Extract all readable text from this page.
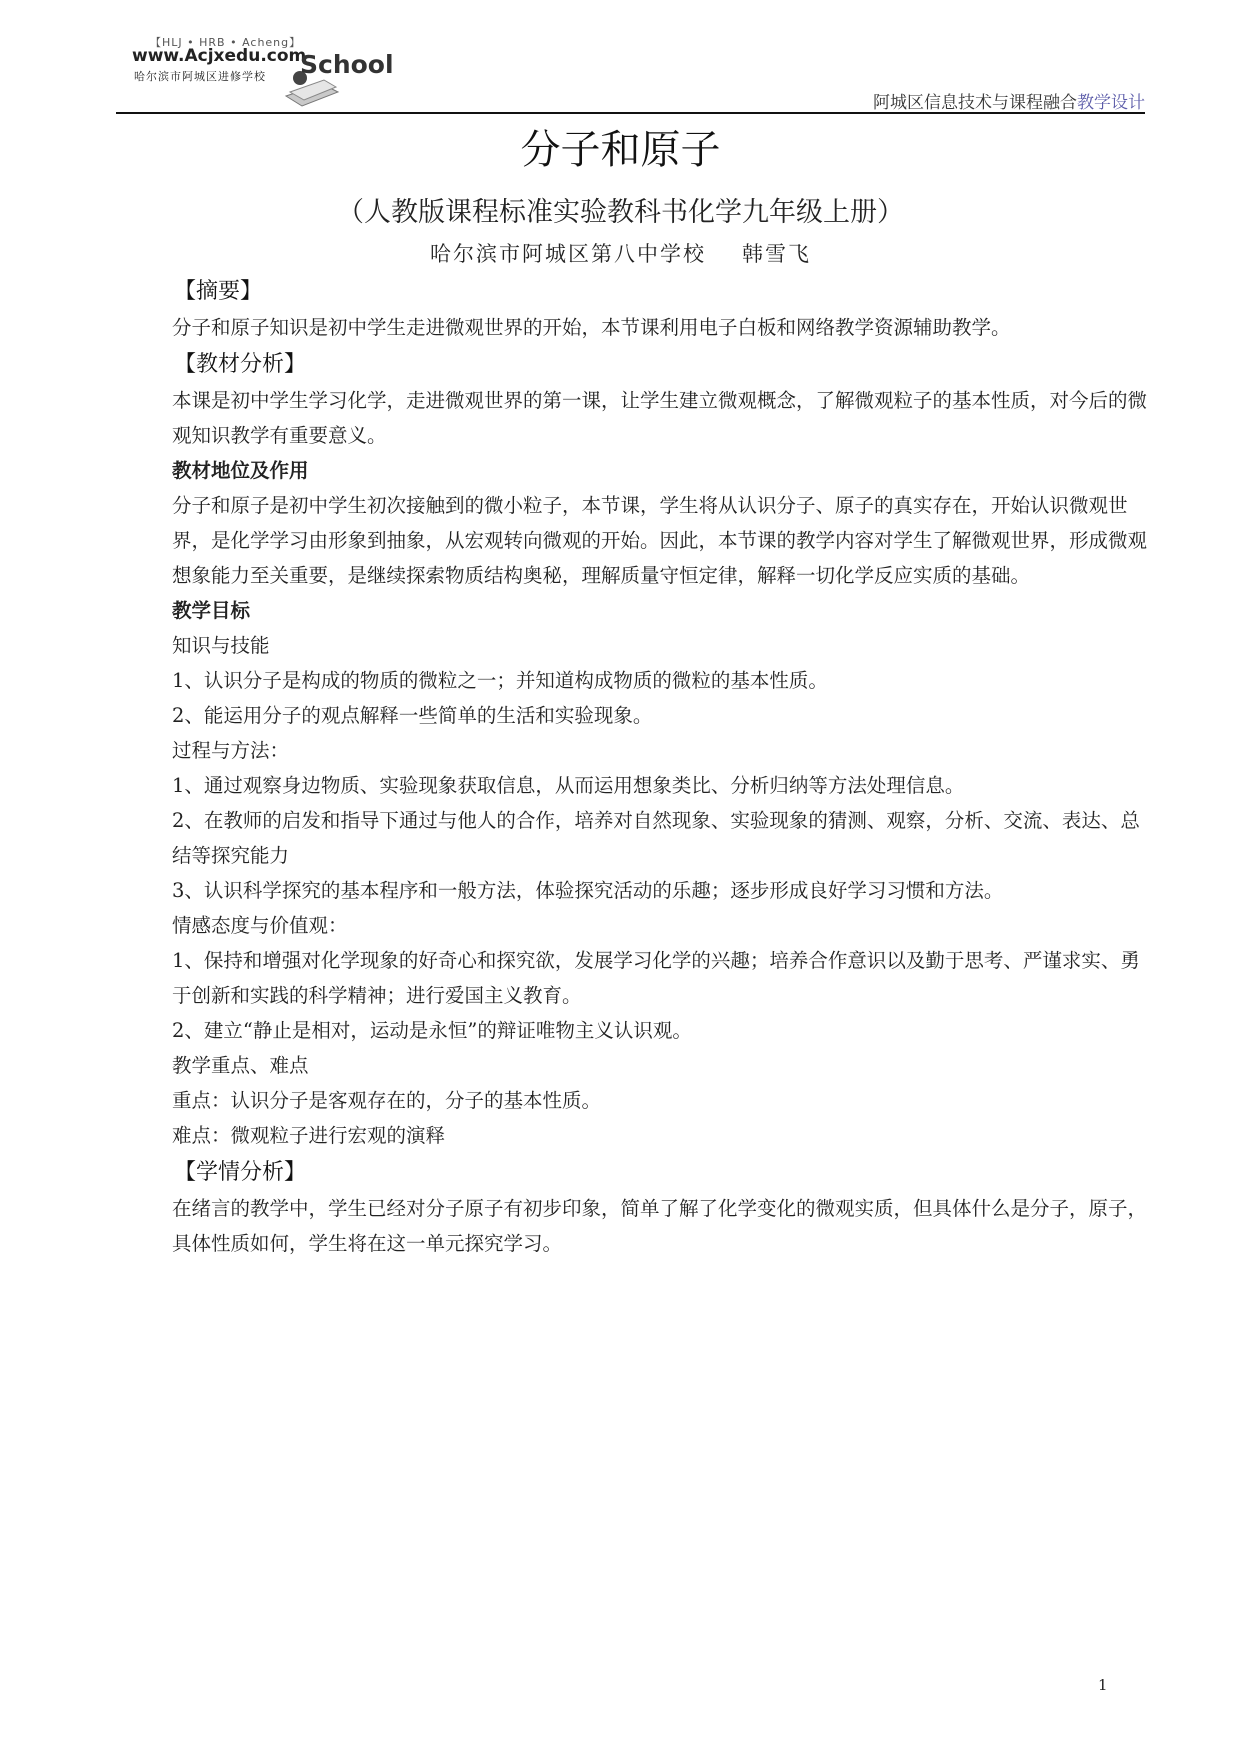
【HLJ • HRB • Acheng】
www.Acjxedu.com
哈尔滨市阿城区进修学校 School
阿城区信息技术与课程融合教学设计
分子和原子
（人教版课程标准实验教科书化学九年级上册）
哈尔滨市阿城区第八中学校 韩雪飞
【摘要】

分子和原子知识是初中学生走进微观世界的开始，本节课利用电子白板和网络教学资源辅助教学。

【教材分析】

本课是初中学生学习化学，走进微观世界的第一课，让学生建立微观概念，了解微观粒子的基本性质，对今后的微观知识教学有重要意义。

教材地位及作用

分子和原子是初中学生初次接触到的微小粒子，本节课，学生将从认识分子、原子的真实存在，开始认识微观世界，是化学学习由形象到抽象，从宏观转向微观的开始。因此，本节课的教学内容对学生了解微观世界，形成微观想象能力至关重要，是继续探索物质结构奥秘，理解质量守恒定律，解释一切化学反应实质的基础。

教学目标

知识与技能

1、认识分子是构成的物质的微粒之一；并知道构成物质的微粒的基本性质。

2、能运用分子的观点解释一些简单的生活和实验现象。

过程与方法：

1、通过观察身边物质、实验现象获取信息，从而运用想象类比、分析归纳等方法处理信息。

2、在教师的启发和指导下通过与他人的合作，培养对自然现象、实验现象的猜测、观察，分析、交流、表达、总结等探究能力

3、认识科学探究的基本程序和一般方法，体验探究活动的乐趣；逐步形成良好学习习惯和方法。

情感态度与价值观：

1、保持和增强对化学现象的好奇心和探究欲，发展学习化学的兴趣；培养合作意识以及勤于思考、严谨求实、勇于创新和实践的科学精神；进行爱国主义教育。

2、建立“静止是相对，运动是永恒”的辩证唯物主义认识观。

教学重点、难点

重点：认识分子是客观存在的，分子的基本性质。

难点：微观粒子进行宏观的演释

【学情分析】

在绪言的教学中，学生已经对分子原子有初步印象，简单了解了化学变化的微观实质，但具体什么是分子，原子，具体性质如何，学生将在这一单元探究学习。

1
